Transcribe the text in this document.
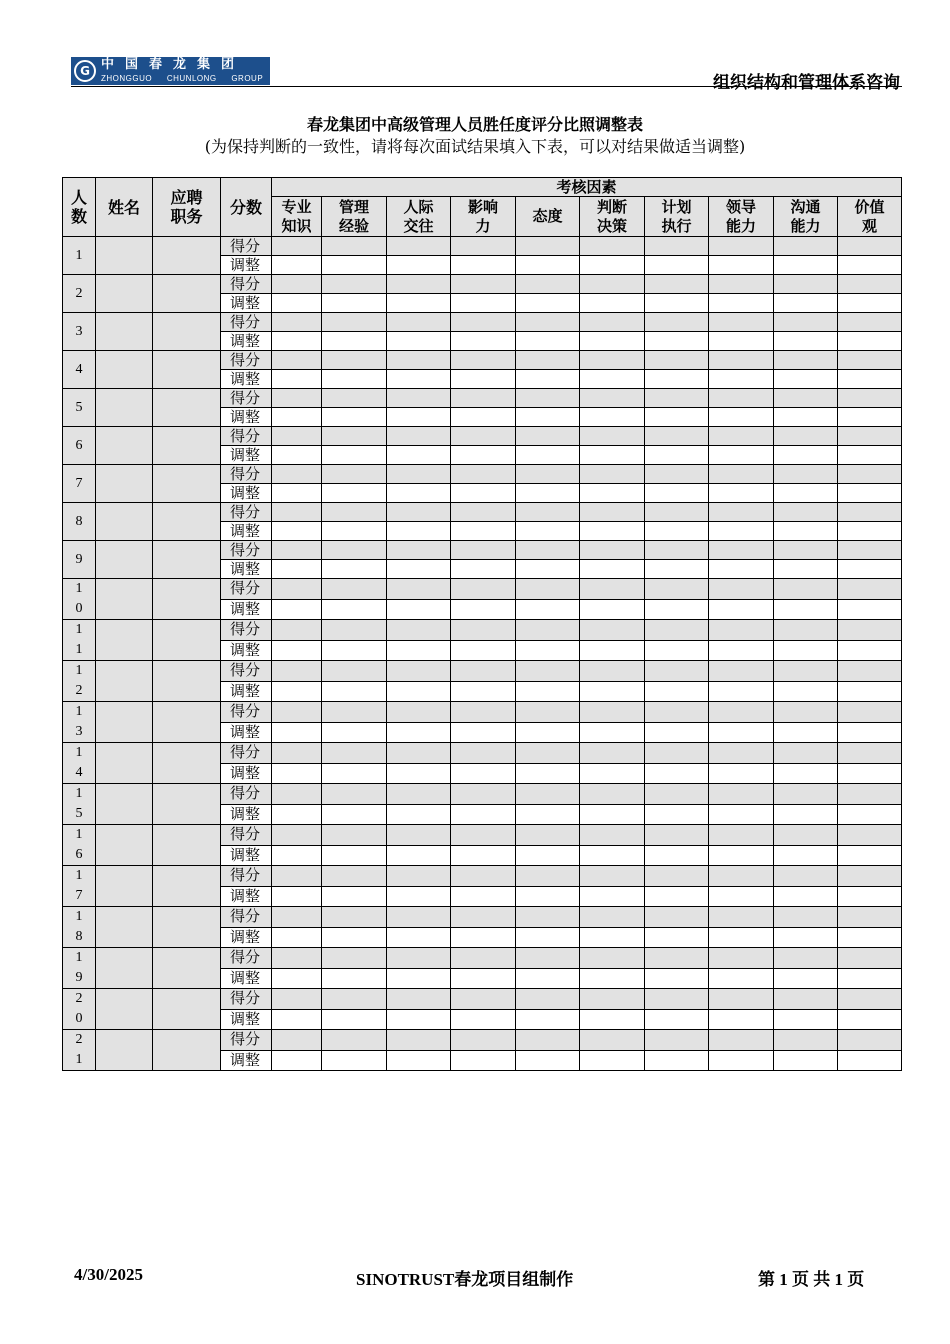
G 中国春龙集团
ZHONGGUO CHUNLONG GROUP	组织结构和管理体系咨询
春龙集团中高级管理人员胜任度评分比照调整表
(为保持判断的一致性，请将每次面试结果填入下表，可以对结果做适当调整)
人数	姓名	应聘职务	分数	考核因素									

				专业知识	管理经验	人际交往	影响力	态度	判断决策	计划执行	领导能力	沟通能力	价值观

1			得分										
			调整										

2			得分										
			调整										

3			得分										
			调整										

4			得分										
			调整										

5			得分										
			调整										

6			得分										
			调整										

7			得分										
			调整										

8			得分										
			调整										

9			得分										
			调整										

10			得分										
			调整										

11			得分										
			调整										

12			得分										
			调整										

13			得分										
			调整										

14			得分										
			调整										

15			得分										
			调整										

16			得分										
			调整										

17			得分										
			调整										

18			得分										
			调整										

19			得分										
			调整										

20			得分										
			调整										

21			得分										
			调整										
4/30/2025	SINOTRUST春龙项目组制作	第 1 页 共 1 页
